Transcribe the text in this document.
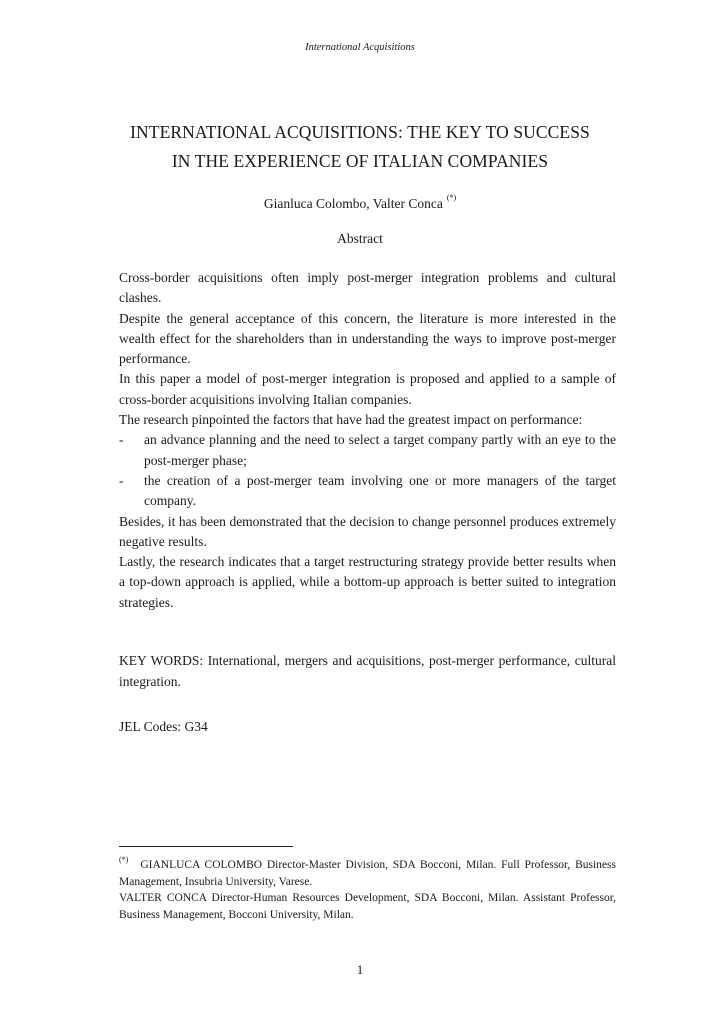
International Acquisitions
INTERNATIONAL ACQUISITIONS: THE KEY TO SUCCESS
IN THE EXPERIENCE OF ITALIAN COMPANIES
Gianluca Colombo, Valter Conca (*)
Abstract

Cross-border acquisitions often imply post-merger integration problems and cultural clashes.

Despite the general acceptance of this concern, the literature is more interested in the wealth effect for the shareholders than in understanding the ways to improve post-merger performance.

In this paper a model of post-merger integration is proposed and applied to a sample of cross-border acquisitions involving Italian companies.

The research pinpointed the factors that have had the greatest impact on performance:

-	an advance planning and the need to select a target company partly with an eye to the post-merger phase;
-	the creation of a post-merger team involving one or more managers of the target company.

Besides, it has been demonstrated that the decision to change personnel produces extremely negative results.

Lastly, the research indicates that a target restructuring strategy provide better results when a top-down approach is applied, while a bottom-up approach is better suited to integration strategies.

KEY WORDS: International, mergers and acquisitions, post-merger performance, cultural integration.
JEL Codes: G34

(*) GIANLUCA COLOMBO Director-Master Division, SDA Bocconi, Milan. Full Professor, Business Management, Insubria University, Varese.

VALTER CONCA Director-Human Resources Development, SDA Bocconi, Milan. Assistant Professor, Business Management, Bocconi University, Milan.

1
